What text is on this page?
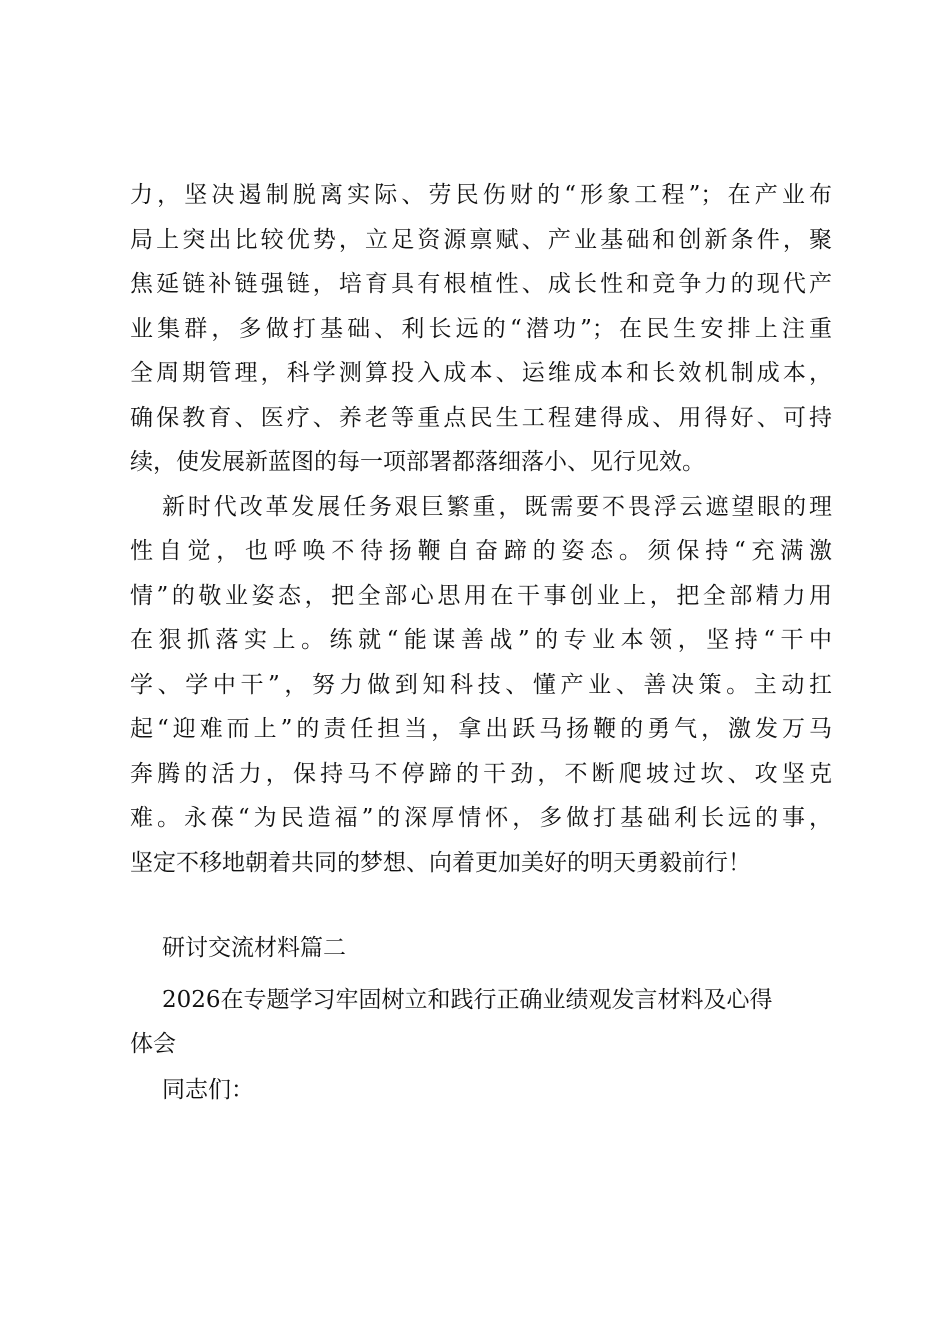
力，坚决遏制脱离实际、劳民伤财的“形象工程”；在产业布
局上突出比较优势，立足资源禀赋、产业基础和创新条件，聚
焦延链补链强链，培育具有根植性、成长性和竞争力的现代产
业集群，多做打基础、利长远的“潜功”；在民生安排上注重
全周期管理，科学测算投入成本、运维成本和长效机制成本，
确保教育、医疗、养老等重点民生工程建得成、用得好、可持
续，使发展新蓝图的每一项部署都落细落小、见行见效。
新时代改革发展任务艰巨繁重，既需要不畏浮云遮望眼的理
性自觉，也呼唤不待扬鞭自奋蹄的姿态。须保持“充满激
情”的敬业姿态，把全部心思用在干事创业上，把全部精力用
在狠抓落实上。练就“能谋善战”的专业本领，坚持“干中
学、学中干”，努力做到知科技、懂产业、善决策。主动扛
起“迎难而上”的责任担当，拿出跃马扬鞭的勇气，激发万马
奔腾的活力，保持马不停蹄的干劲，不断爬坡过坎、攻坚克
难。永葆“为民造福”的深厚情怀，多做打基础利长远的事，
坚定不移地朝着共同的梦想、向着更加美好的明天勇毅前行！
研讨交流材料篇二
2026在专题学习牢固树立和践行正确业绩观发言材料及心得
体会
同志们：
